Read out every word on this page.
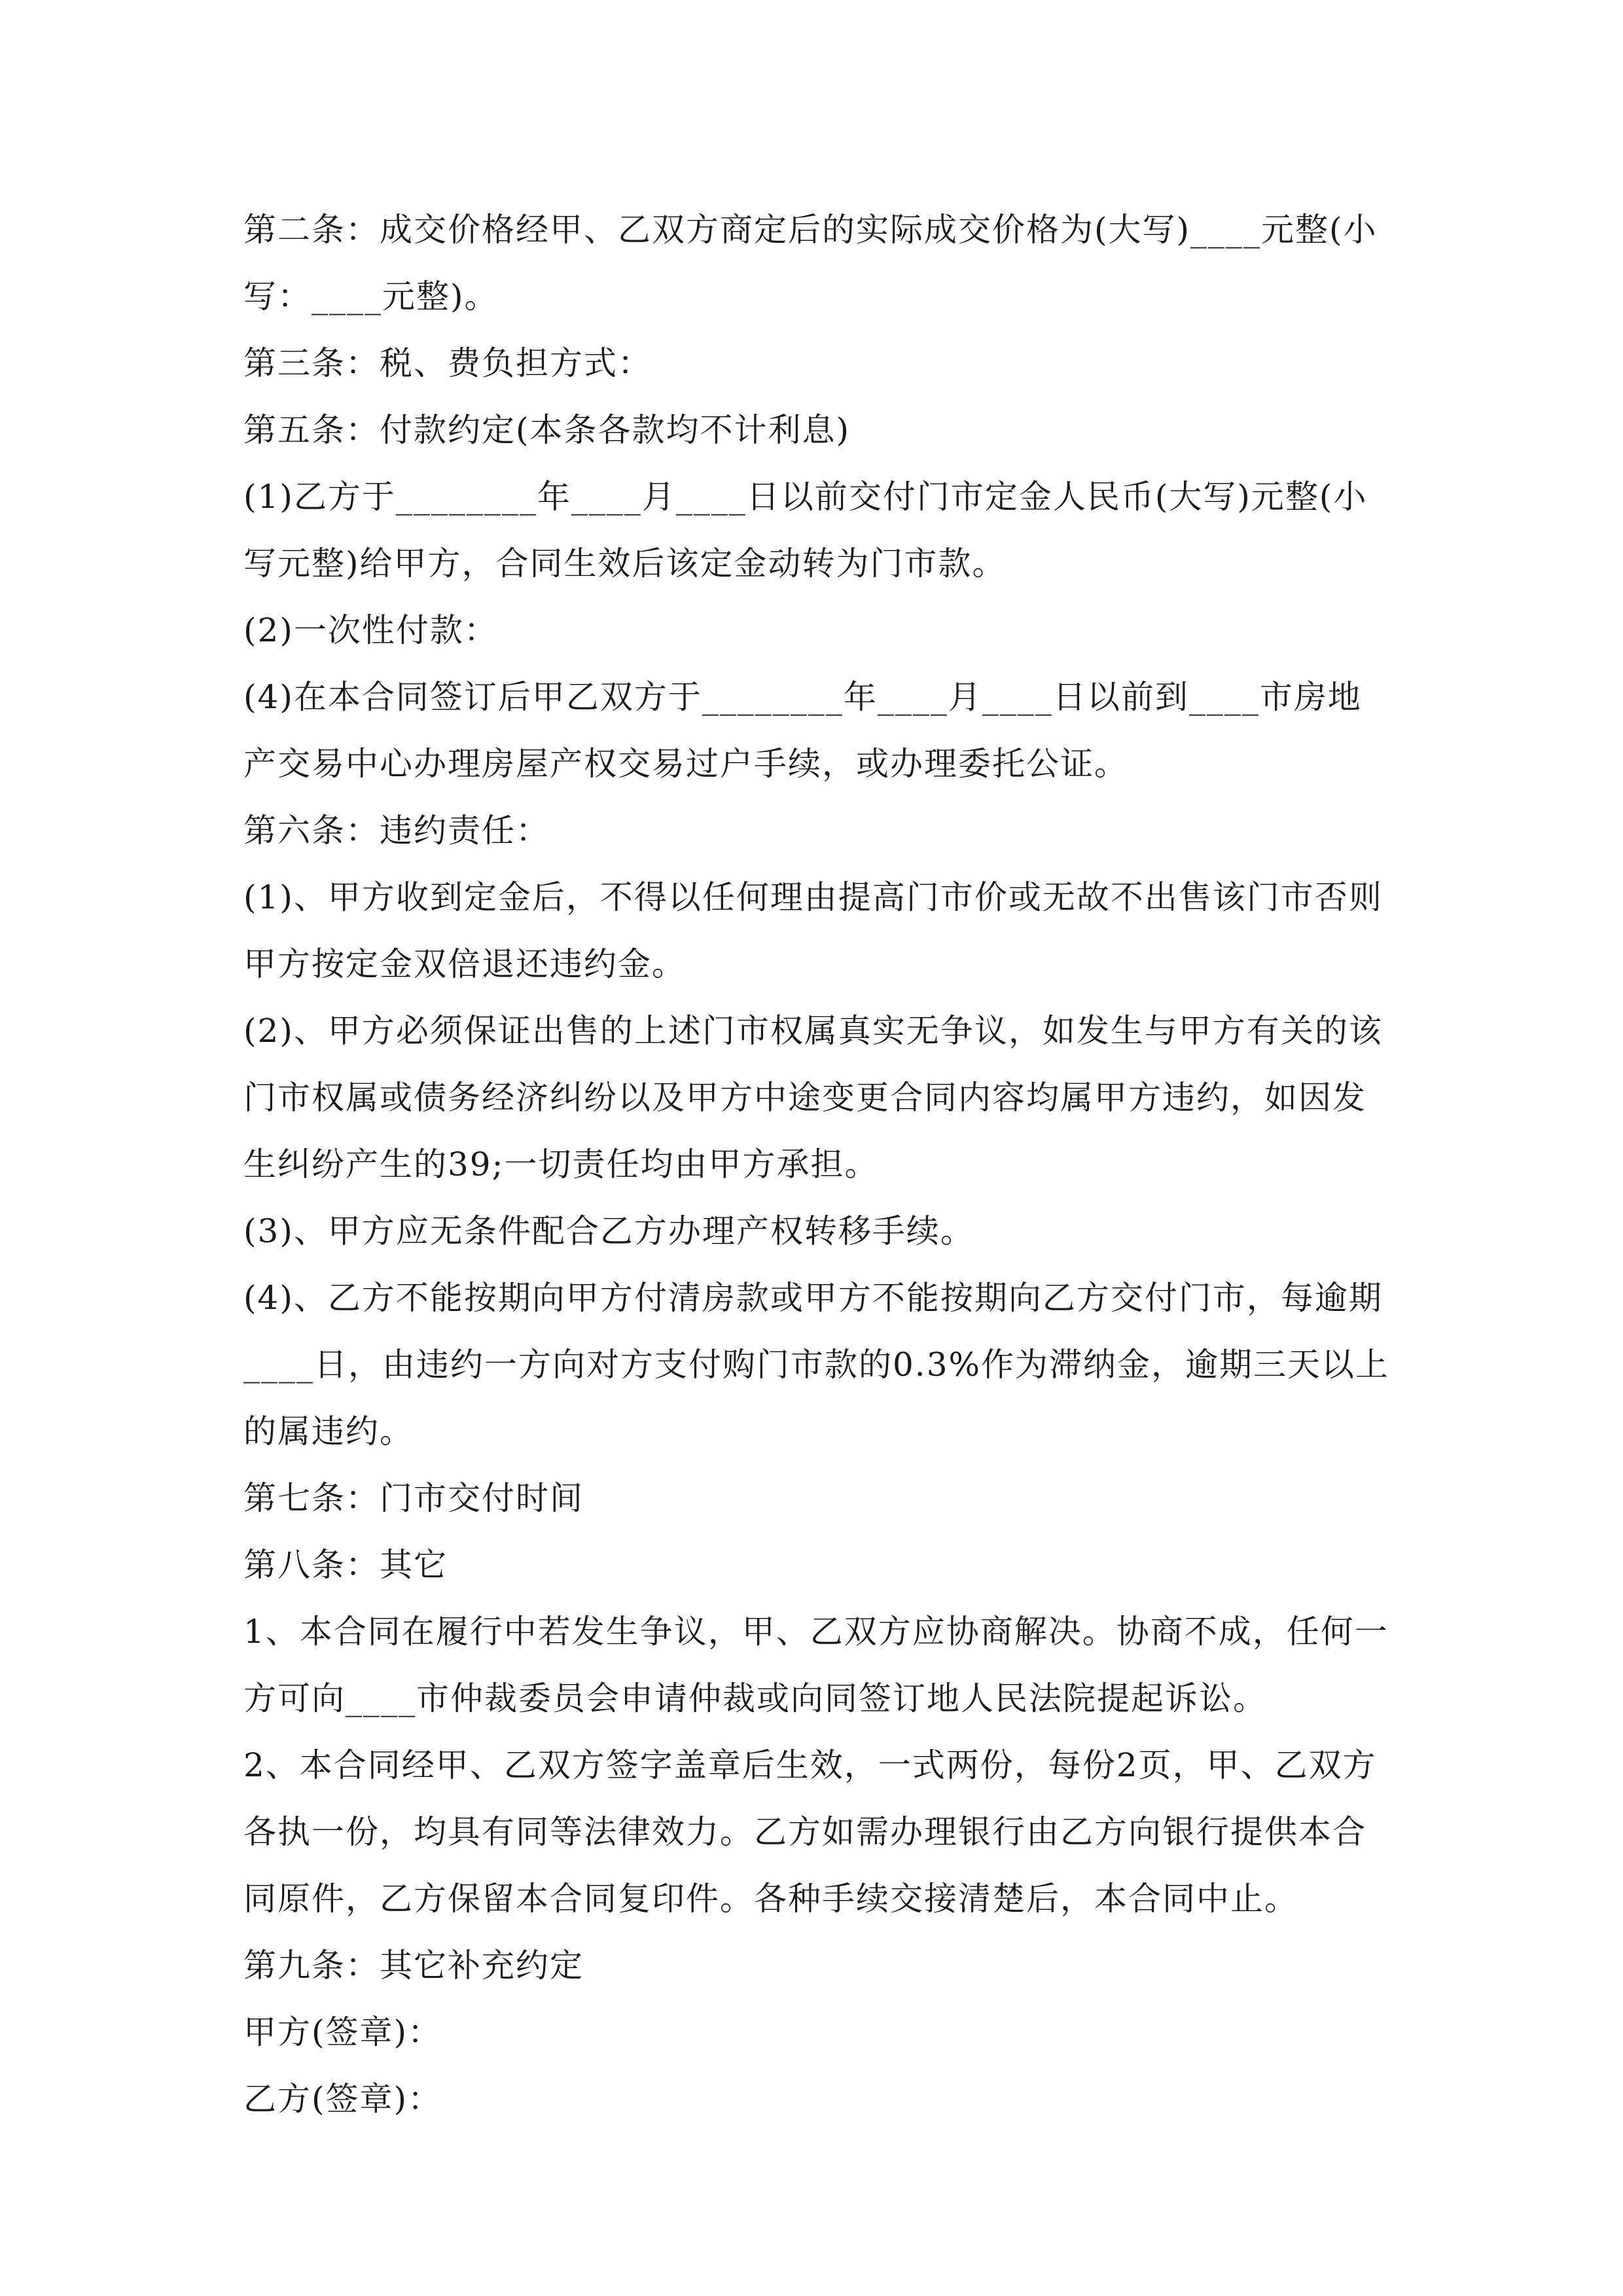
第二条：成交价格经甲、乙双方商定后的实际成交价格为(大写)____元整(小写：____元整)。

第三条：税、费负担方式：

第五条：付款约定(本条各款均不计利息)

(1)乙方于________年____月____日以前交付门市定金人民币(大写)元整(小写元整)给甲方，合同生效后该定金动转为门市款。

(2)一次性付款：

(4)在本合同签订后甲乙双方于________年____月____日以前到____市房地产交易中心办理房屋产权交易过户手续，或办理委托公证。

第六条：违约责任：

(1)、甲方收到定金后，不得以任何理由提高门市价或无故不出售该门市否则甲方按定金双倍退还违约金。

(2)、甲方必须保证出售的上述门市权属真实无争议，如发生与甲方有关的该门市权属或债务经济纠纷以及甲方中途变更合同内容均属甲方违约，如因发生纠纷产生的39;一切责任均由甲方承担。

(3)、甲方应无条件配合乙方办理产权转移手续。

(4)、乙方不能按期向甲方付清房款或甲方不能按期向乙方交付门市，每逾期____日，由违约一方向对方支付购门市款的0.3%作为滞纳金，逾期三天以上的属违约。

第七条：门市交付时间

第八条：其它

1、本合同在履行中若发生争议，甲、乙双方应协商解决。协商不成，任何一方可向____市仲裁委员会申请仲裁或向同签订地人民法院提起诉讼。

2、本合同经甲、乙双方签字盖章后生效，一式两份，每份2页，甲、乙双方各执一份，均具有同等法律效力。乙方如需办理银行由乙方向银行提供本合同原件，乙方保留本合同复印件。各种手续交接清楚后，本合同中止。

第九条：其它补充约定

甲方(签章)：

乙方(签章)：
